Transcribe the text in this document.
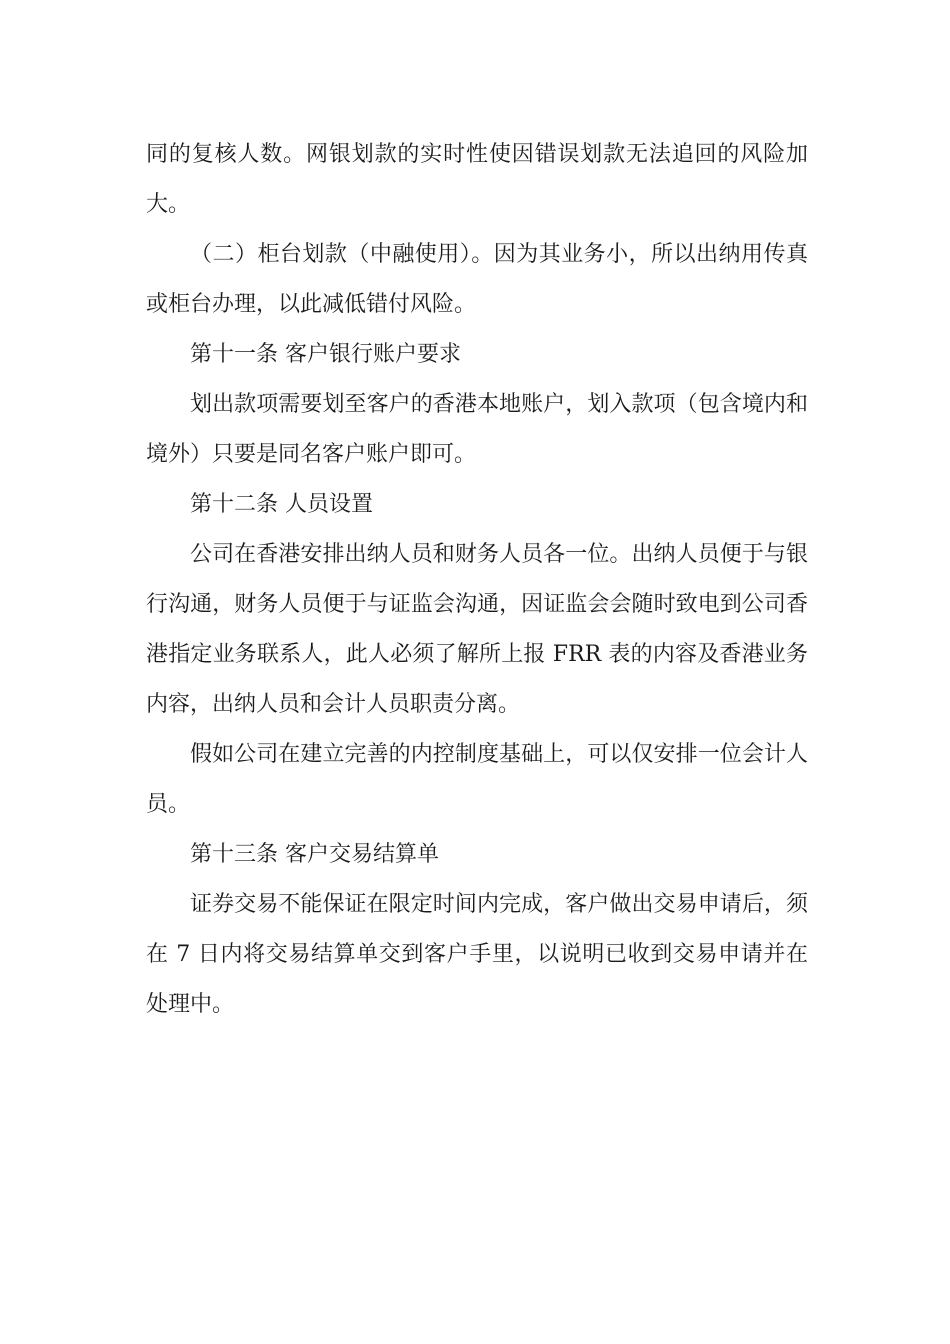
同的复核人数。网银划款的实时性使因错误划款无法追回的风险加大。

（二）柜台划款（中融使用）。因为其业务小，所以出纳用传真或柜台办理，以此减低错付风险。

第十一条 客户银行账户要求

划出款项需要划至客户的香港本地账户，划入款项（包含境内和境外）只要是同名客户账户即可。

第十二条 人员设置

公司在香港安排出纳人员和财务人员各一位。出纳人员便于与银行沟通，财务人员便于与证监会沟通，因证监会会随时致电到公司香港指定业务联系人，此人必须了解所上报 FRR 表的内容及香港业务内容，出纳人员和会计人员职责分离。

假如公司在建立完善的内控制度基础上，可以仅安排一位会计人员。

第十三条 客户交易结算单

证券交易不能保证在限定时间内完成，客户做出交易申请后，须在 7 日内将交易结算单交到客户手里，以说明已收到交易申请并在处理中。
